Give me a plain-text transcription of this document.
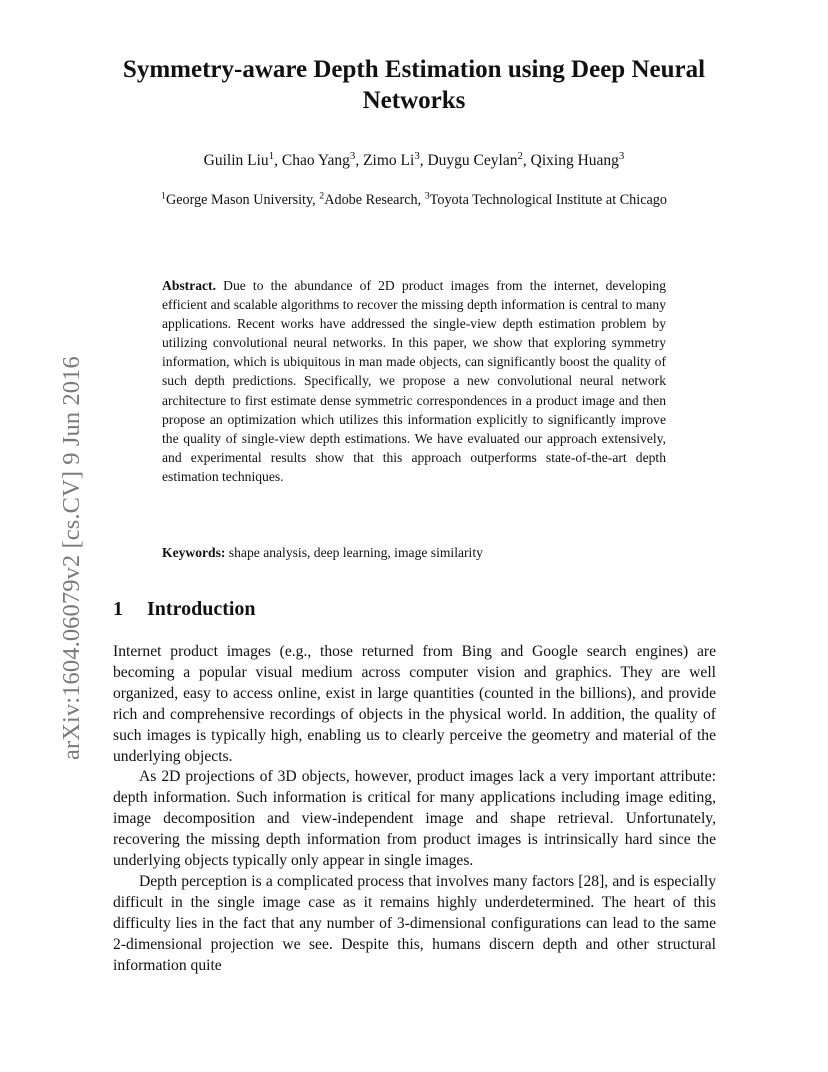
arXiv:1604.06079v2 [cs.CV] 9 Jun 2016
Symmetry-aware Depth Estimation using Deep Neural Networks
Guilin Liu$^1$, Chao Yang$^3$, Zimo Li$^3$, Duygu Ceylan$^2$, Qixing Huang$^3$
$^1$George Mason University, $^2$Adobe Research, $^3$Toyota Technological Institute at Chicago
Abstract. Due to the abundance of 2D product images from the internet, developing efficient and scalable algorithms to recover the missing depth information is central to many applications. Recent works have addressed the single-view depth estimation problem by utilizing convolutional neural networks. In this paper, we show that exploring symmetry information, which is ubiquitous in man made objects, can significantly boost the quality of such depth predictions. Specifically, we propose a new convolutional neural network architecture to first estimate dense symmetric correspondences in a product image and then propose an optimization which utilizes this information explicitly to significantly improve the quality of single-view depth estimations. We have evaluated our approach extensively, and experimental results show that this approach outperforms state-of-the-art depth estimation techniques.
Keywords: shape analysis, deep learning, image similarity
1 Introduction

Internet product images (e.g., those returned from Bing and Google search engines) are becoming a popular visual medium across computer vision and graphics. They are well organized, easy to access online, exist in large quantities (counted in the billions), and provide rich and comprehensive recordings of objects in the physical world. In addition, the quality of such images is typically high, enabling us to clearly perceive the geometry and material of the underlying objects.

As 2D projections of 3D objects, however, product images lack a very important attribute: depth information. Such information is critical for many applications including image editing, image decomposition and view-independent image and shape retrieval. Unfortunately, recovering the missing depth information from product images is intrinsically hard since the underlying objects typically only appear in single images.

Depth perception is a complicated process that involves many factors [28], and is especially difficult in the single image case as it remains highly underdetermined. The heart of this difficulty lies in the fact that any number of 3-dimensional configurations can lead to the same 2-dimensional projection we see. Despite this, humans discern depth and other structural information quite
